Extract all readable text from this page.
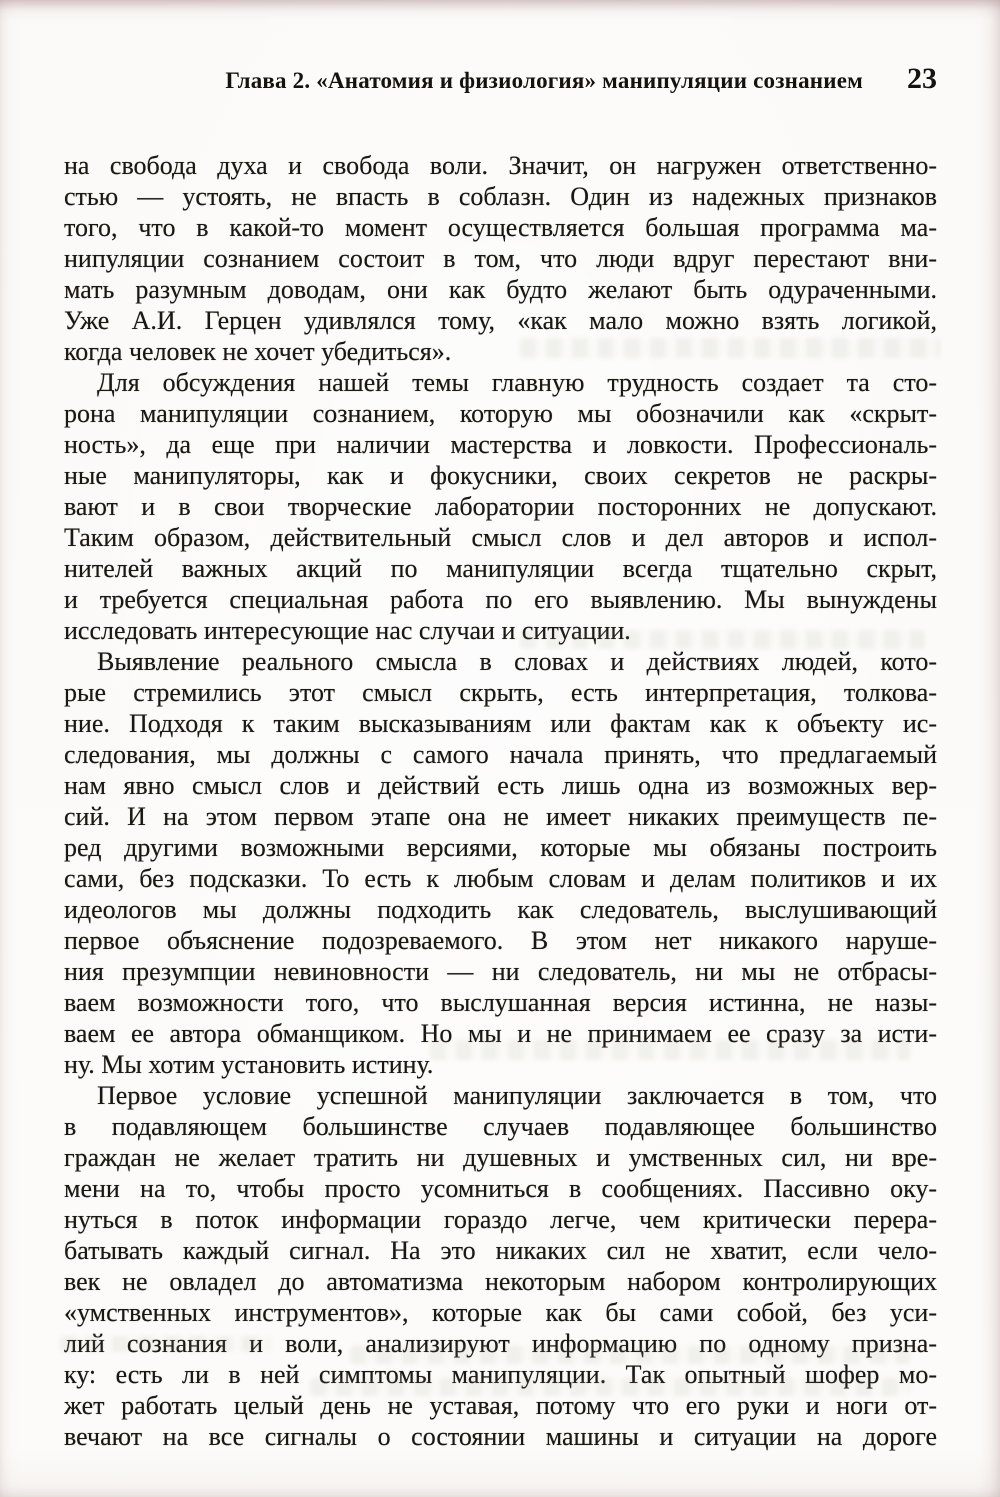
Глава 2. «Анатомия и физиология» манипуляции сознанием 23
на свобода духа и свобода воли. Значит, он нагружен ответственно-
стью — устоять, не впасть в соблазн. Один из надежных признаков
того, что в какой-то момент осуществляется большая программа ма-
нипуляции сознанием состоит в том, что люди вдруг перестают вни-
мать разумным доводам, они как будто желают быть одураченными.
Уже А.И. Герцен удивлялся тому, «как мало можно взять логикой,
когда человек не хочет убедиться».
Для обсуждения нашей темы главную трудность создает та сто-
рона манипуляции сознанием, которую мы обозначили как «скрыт-
ность», да еще при наличии мастерства и ловкости. Профессиональ-
ные манипуляторы, как и фокусники, своих секретов не раскры-
вают и в свои творческие лаборатории посторонних не допускают.
Таким образом, действительный смысл слов и дел авторов и испол-
нителей важных акций по манипуляции всегда тщательно скрыт,
и требуется специальная работа по его выявлению. Мы вынуждены
исследовать интересующие нас случаи и ситуации.
Выявление реального смысла в словах и действиях людей, кото-
рые стремились этот смысл скрыть, есть интерпретация, толкова-
ние. Подходя к таким высказываниям или фактам как к объекту ис-
следования, мы должны с самого начала принять, что предлагаемый
нам явно смысл слов и действий есть лишь одна из возможных вер-
сий. И на этом первом этапе она не имеет никаких преимуществ пе-
ред другими возможными версиями, которые мы обязаны построить
сами, без подсказки. То есть к любым словам и делам политиков и их
идеологов мы должны подходить как следователь, выслушивающий
первое объяснение подозреваемого. В этом нет никакого наруше-
ния презумпции невиновности — ни следователь, ни мы не отбрасы-
ваем возможности того, что выслушанная версия истинна, не назы-
ваем ее автора обманщиком. Но мы и не принимаем ее сразу за исти-
ну. Мы хотим установить истину.
Первое условие успешной манипуляции заключается в том, что
в подавляющем большинстве случаев подавляющее большинство
граждан не желает тратить ни душевных и умственных сил, ни вре-
мени на то, чтобы просто усомниться в сообщениях. Пассивно оку-
нуться в поток информации гораздо легче, чем критически перера-
батывать каждый сигнал. На это никаких сил не хватит, если чело-
век не овладел до автоматизма некоторым набором контролирующих
«умственных инструментов», которые как бы сами собой, без уси-
лий сознания и воли, анализируют информацию по одному призна-
ку: есть ли в ней симптомы манипуляции. Так опытный шофер мо-
жет работать целый день не уставая, потому что его руки и ноги от-
вечают на все сигналы о состоянии машины и ситуации на дороге
